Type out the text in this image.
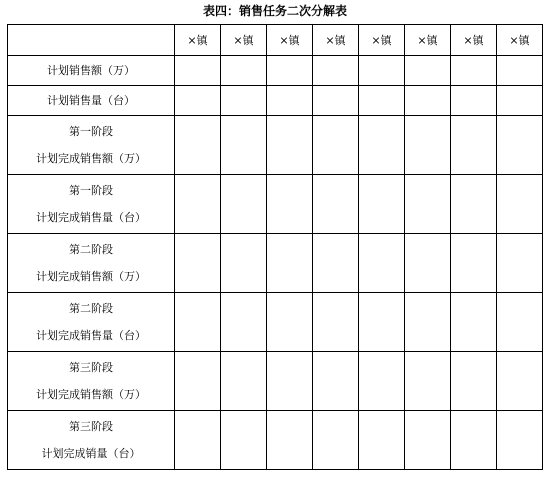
表四：销售任务二次分解表
	×镇	×镇	×镇	×镇	×镇	×镇	×镇	×镇

计划销售额（万）								

计划销售量（台）								

第一阶段
计划完成销售额（万）								

第一阶段
计划完成销售量（台）								

第二阶段
计划完成销售额（万）								

第二阶段
计划完成销售量（台）								

第三阶段
计划完成销售额（万）								

第三阶段
计划完成销量（台）								
